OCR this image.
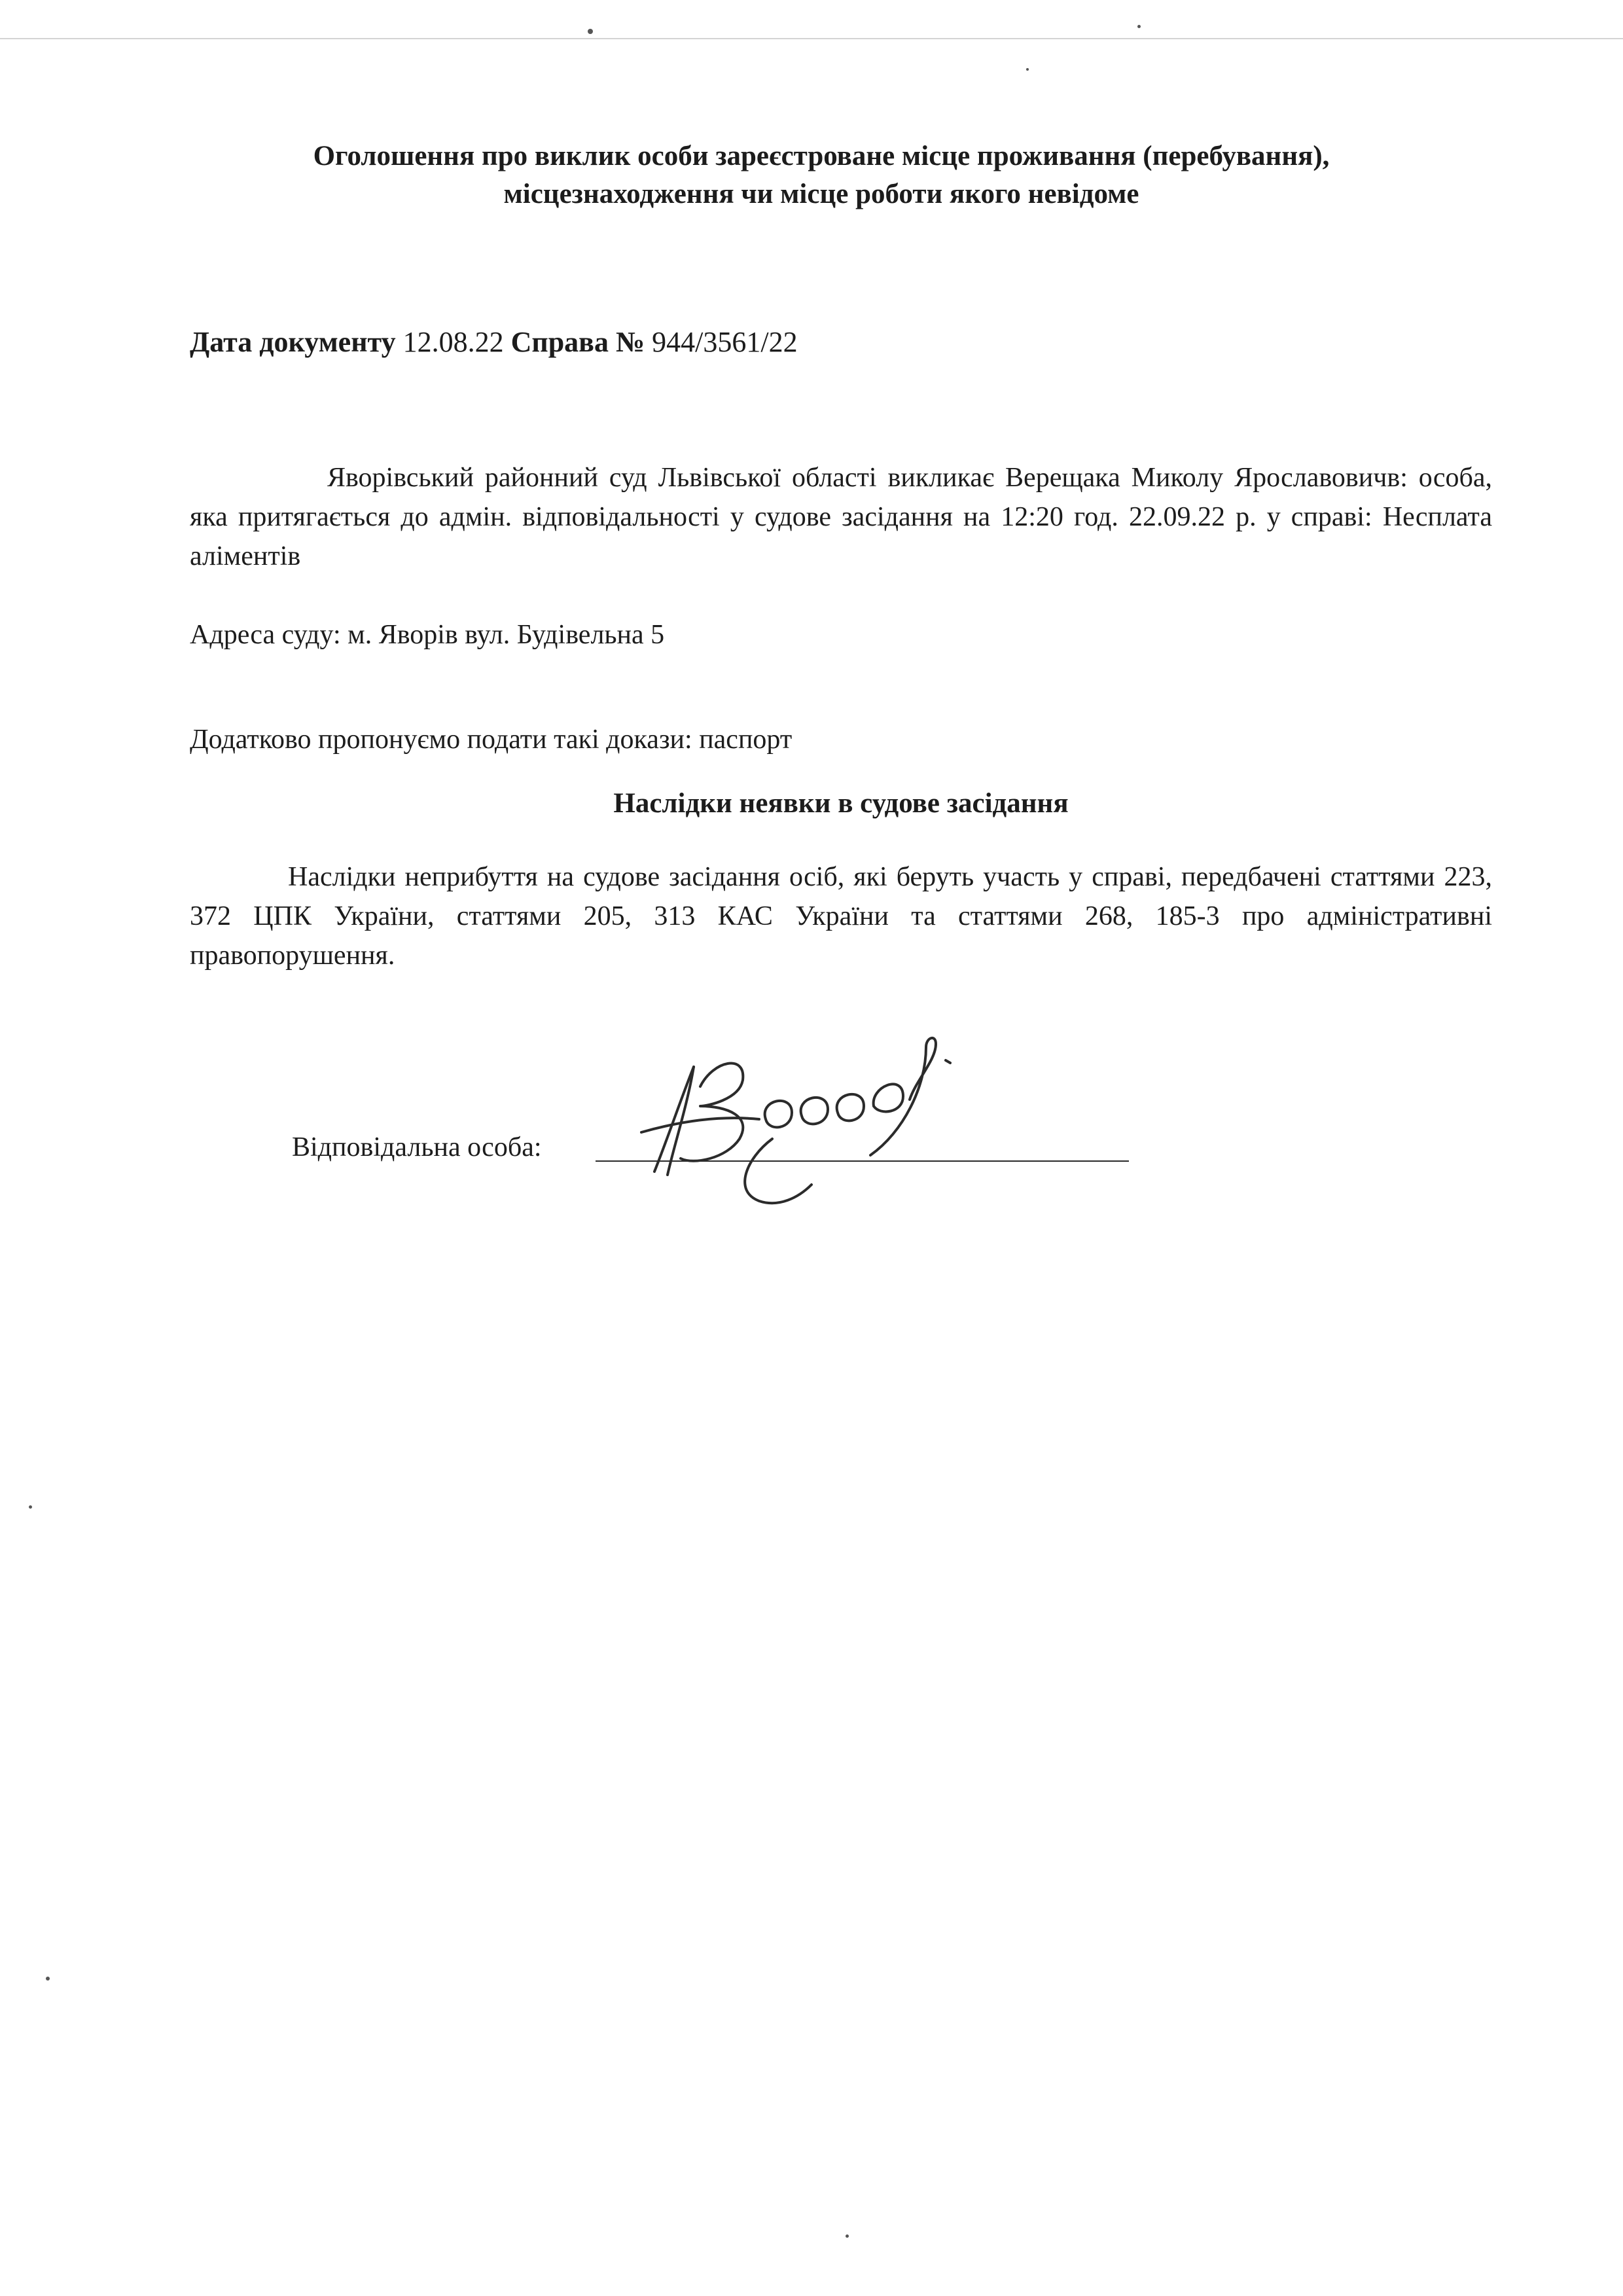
Оголошення про виклик особи зареєстроване місце проживання (перебування),
місцезнаходження чи місце роботи якого невідоме
Дата документу 12.08.22 Справа № 944/3561/22
Яворівський районний суд Львівської області викликає Верещака Миколу Ярославовичв: особа, яка притягається до адмін. відповідальності у судове засідання на 12:20 год. 22.09.22 р. у справі: Несплата аліментів
Адреса суду: м. Яворів вул. Будівельна 5
Додатково пропонуємо подати такі докази: паспорт
Наслідки неявки в судове засідання
Наслідки неприбуття на судове засідання осіб, які беруть участь у справі, передбачені статтями 223, 372 ЦПК України, статтями 205, 313 КАС України та статтями 268, 185-3 про адміністративні правопорушення.
Відповідальна особа:
